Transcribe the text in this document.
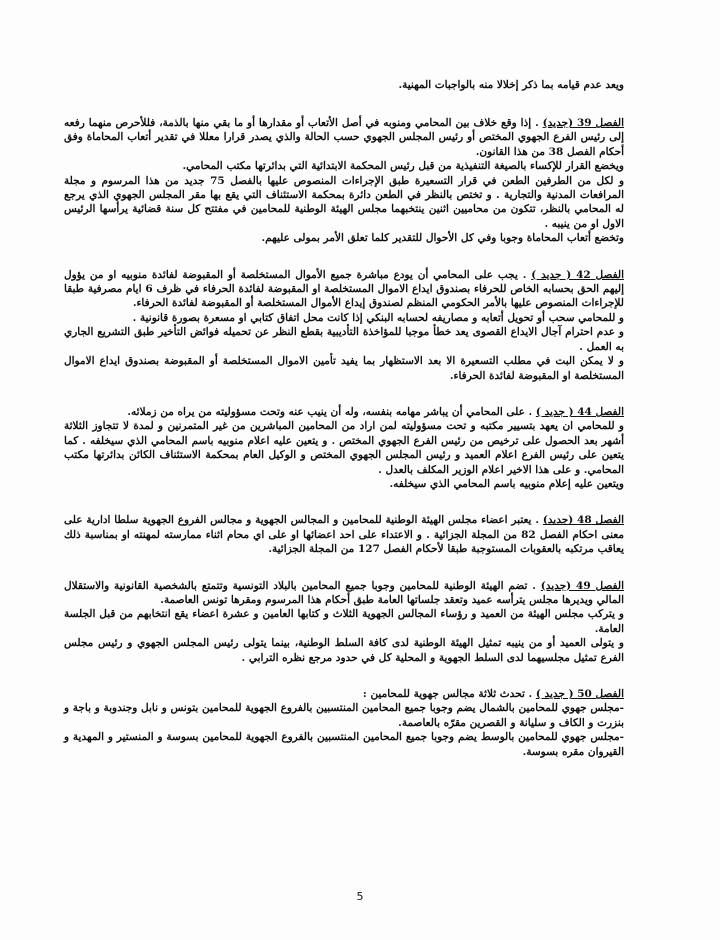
ويعد عدم قيامه بما ذكر إخلالا منه بالواجبات المهنية.

الفصل 39 (جديد) . إذا وقع خلاف بين المحامي ومنوبه في أصل الأتعاب أو مقدارها أو ما بقي منها بالذمة، فللأحرص منهما رفعه إلى رئيس الفرع الجهوي المختص أو رئيس المجلس الجهوي حسب الحالة والذي يصدر قرارا معللا في تقدير أتعاب المحاماة وفق أحكام الفصل 38 من هذا القانون.

ويخضع القرار للإكساء بالصيغة التنفيذية من قبل رئيس المحكمة الابتدائية التي بدائرتها مكتب المحامي.

و لكل من الطرفين الطعن في قرار التسعيرة طبق الإجراءات المنصوص عليها بالفصل 75 جديد من هذا المرسوم و مجلة المرافعات المدنية والتجارية . و تختص بالنظر في الطعن دائرة بمحكمة الاستئناف التي يقع بها مقر المجلس الجهوي الذي يرجع له المحامي بالنظر، تتكون من محاميين اثنين ينتخبهما مجلس الهيئة الوطنية للمحامين في مفتتح كل سنة قضائية يرأسها الرئيس الاول او من ينيبه .

وتخضع أتعاب المحاماة وجوبا وفي كل الأحوال للتقدير كلما تعلق الأمر بمولى عليهم.

الفصل 42 ( جديد ) . يجب على المحامي أن يودع مباشرة جميع الأموال المستخلصة أو المقبوضة لفائدة منوبيه او من يؤول إليهم الحق بحسابه الخاص للحرفاء بصندوق ايداع الاموال المستخلصة او المقبوضة لفائدة الحرفاء في ظرف 6 ايام مصرفية طبقا للإجراءات المنصوص عليها بالأمر الحكومي المنظم لصندوق إيداع الأموال المستخلصة أو المقبوضة لفائدة الحرفاء.

و للمحامي سحب أو تحويل أتعابه و مصاريفه لحسابه البنكي إذا كانت محل اتفاق كتابي او مسعرة بصورة قانونية .

و عدم احترام آجال الايداع القصوى يعد خطأ موجبا للمؤاخذة التأديبية بقطع النظر عن تحميله فوائض التأخير طبق التشريع الجاري به العمل .

و لا يمكن البت في مطلب التسعيرة الا بعد الاستظهار بما يفيد تأمين الاموال المستخلصة أو المقبوضة بصندوق ايداع الاموال المستخلصة او المقبوضة لفائدة الحرفاء.

الفصل 44 ( جديد ) . على المحامي أن يباشر مهامه بنفسه، وله أن ينيب عنه وتحت مسؤوليته من يراه من زملائه.

و للمحامي ان يعهد بتسيير مكتبه و تحت مسؤوليته لمن اراد من المحامين المباشرين من غير المتمرنين و لمدة لا تتجاوز الثلاثة أشهر بعد الحصول على ترخيص من رئيس الفرع الجهوي المختص . و يتعين عليه اعلام منوبيه باسم المحامي الذي سيخلفه . كما يتعين على رئيس الفرع اعلام العميد و رئيس المجلس الجهوي المختص و الوكيل العام بمحكمة الاستئناف الكائن بدائرتها مكتب المحامي. و على هذا الاخير اعلام الوزير المكلف بالعدل .

ويتعين عليه إعلام منوبيه باسم المحامي الذي سيخلفه.

الفصل 48 (جديد) . يعتبر اعضاء مجلس الهيئة الوطنية للمحامين و المجالس الجهوية و مجالس الفروع الجهوية سلطا ادارية على معنى احكام الفصل 82 من المجلة الجزائية . و الاعتداء على احد اعضائها او على اي محام اثناء ممارسته لمهنته او بمناسبة ذلك يعاقب مرتكبه بالعقوبات المستوجبة طبقا لأحكام الفصل 127 من المجلة الجزائية.

الفصل 49 (جديد) . تضم الهيئة الوطنية للمحامين وجوبا جميع المحامين بالبلاد التونسية وتتمتع بالشخصية القانونية والاستقلال المالي ويديرها مجلس يترأسه عميد وتعقد جلساتها العامة طبق أحكام هذا المرسوم ومقرها تونس العاصمة.

و يتركب مجلس الهيئة من العميد و رؤساء المجالس الجهوية الثلاث و كتابها العامين و عشرة اعضاء يقع انتخابهم من قبل الجلسة العامة.

و يتولى العميد أو من ينيبه تمثيل الهيئة الوطنية لدى كافة السلط الوطنية، بينما يتولى رئيس المجلس الجهوي و رئيس مجلس الفرع تمثيل مجلسيهما لدى السلط الجهوية و المحلية كل في حدود مرجع نظره الترابي .

الفصل 50 ( جديد ) . تحدث ثلاثة مجالس جهوية للمحامين :

-مجلس جهوي للمحامين بالشمال يضم وجوبا جميع المحامين المنتسبين بالفروع الجهوية للمحامين بتونس و نابل وجندوبة و باجة و بنزرت و الكاف و سليانة و القصرين مقرّه بالعاصمة.

-مجلس جهوي للمحامين بالوسط يضم وجوبا جميع المحامين المنتسبين بالفروع الجهوية للمحامين بسوسة و المنستير و المهدية و القيروان مقره بسوسة.

5
